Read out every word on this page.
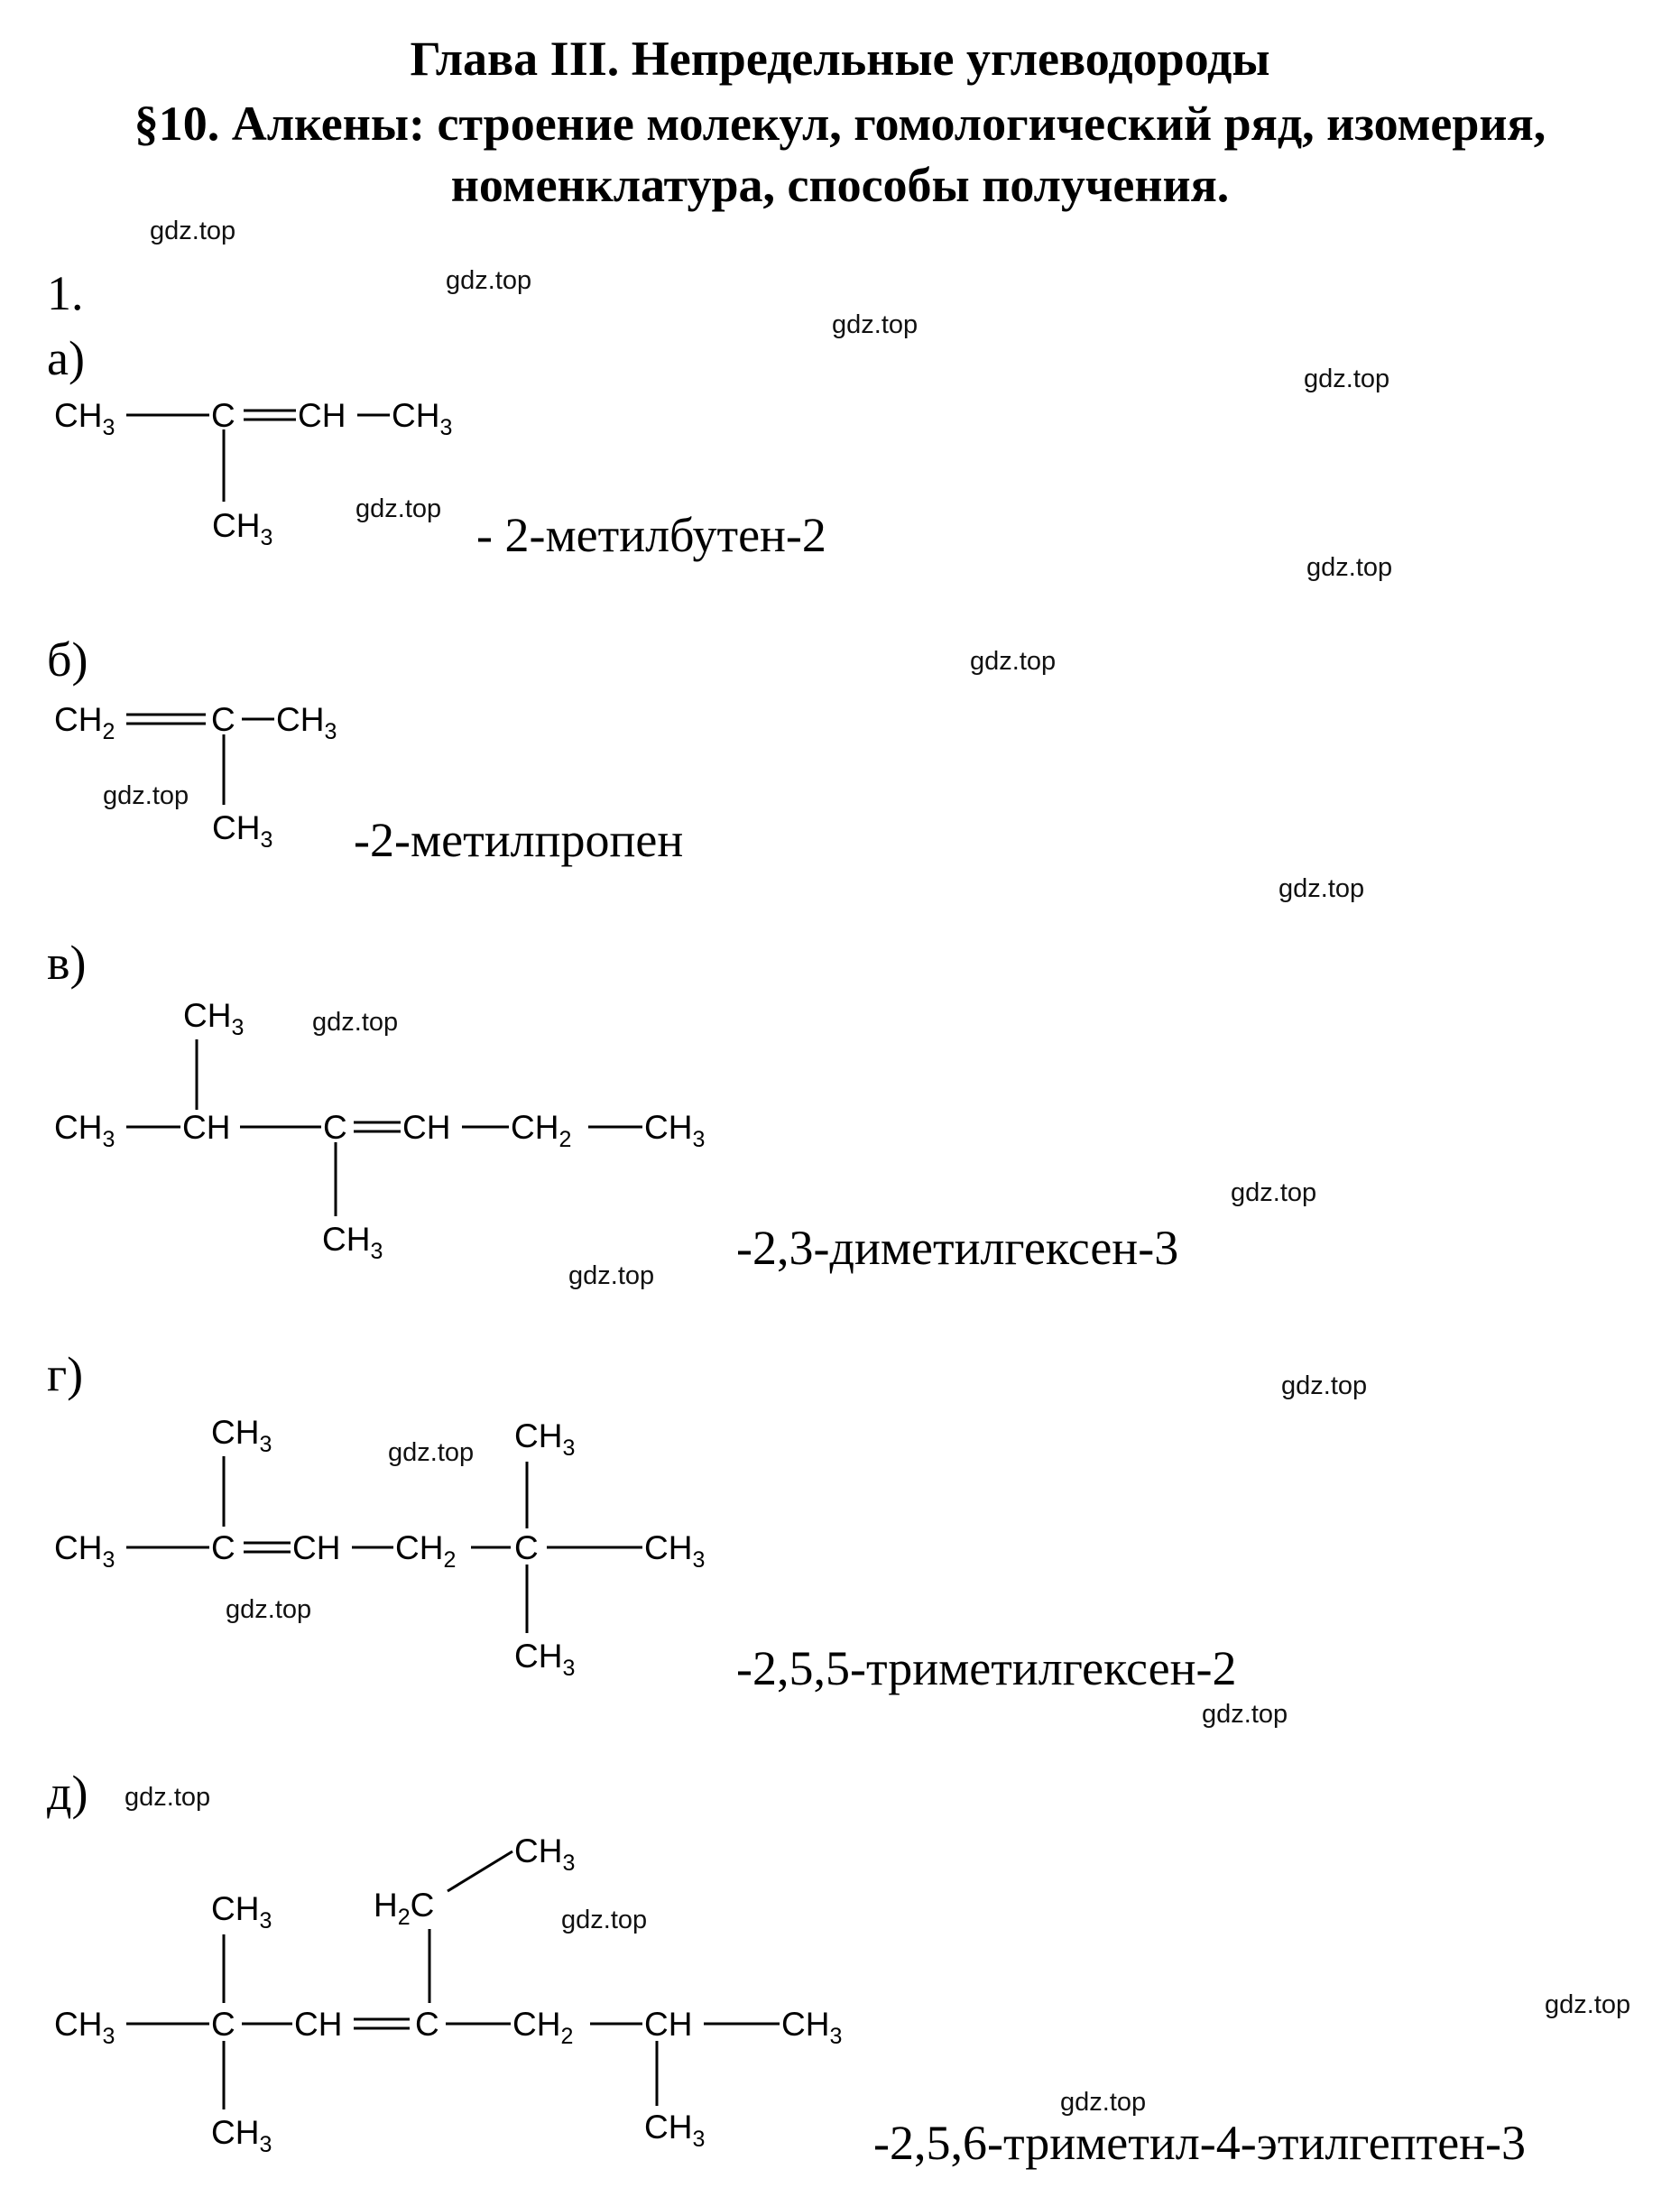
Глава III. Непредельные углеводороды
§10. Алкены: строение молекул, гомологический ряд, изомерия,
номенклатура, способы получения.
1.
а)
б)
в)
г)
д)
- 2-метилбутен-2
-2-метилпропен
-2,3-диметилгексен-3
-2,5,5-триметилгексен-2
-2,5,6-триметил-4-этилгептен-3
gdz.top
gdz.top
gdz.top
gdz.top
gdz.top
gdz.top
gdz.top
gdz.top
gdz.top
gdz.top
gdz.top
gdz.top
gdz.top
gdz.top
gdz.top
gdz.top
gdz.top
gdz.top
gdz.top
gdz.top
$CH_3$	C CH $CH_3$
$CH_3$
$CH_2$	C $CH_3$
$CH_3$
$CH_3$
$CH_3$ CH	C CH $CH_2$ $CH_3$
$CH_3$
$CH_3$	$CH_3$
$CH_3$	C CH $CH_2$ C	$CH_3$
$CH_3$
$CH_3$
$H_2C$
$CH_3$
$CH_3$	C CH C $CH_2$ CH	$CH_3$
$CH_3$	$CH_3$
